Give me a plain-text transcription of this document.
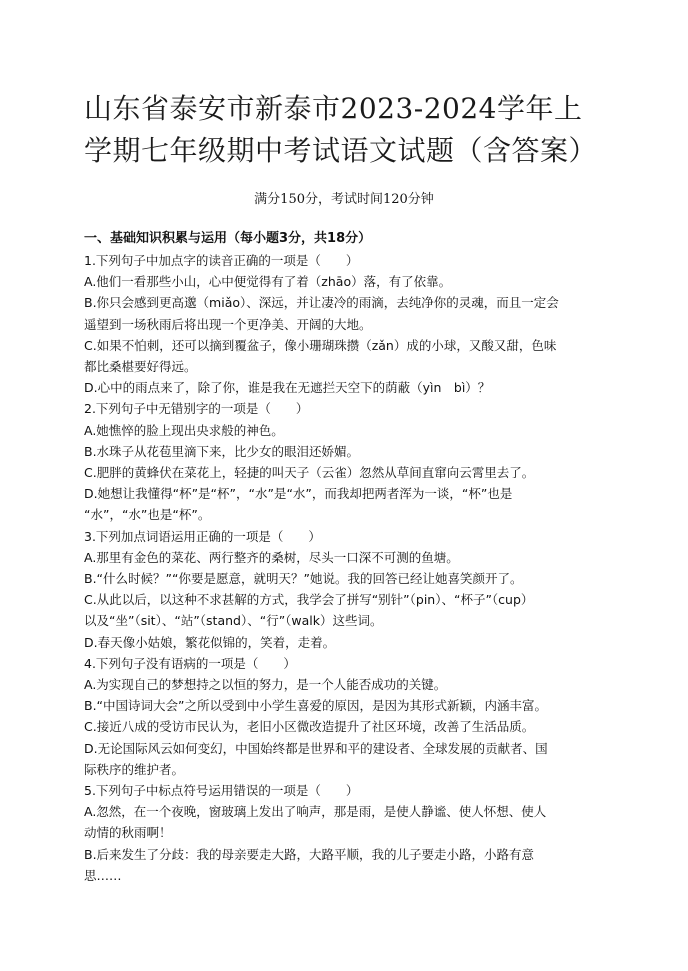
山东省泰安市新泰市2023-2024学年上
学期七年级期中考试语文试题（含答案）
满分150分，考试时间120分钟
一、基础知识积累与运用（每小题3分，共18分）
1.下列句子中加点字的读音正确的一项是（　　）
A.他们一看那些小山，心中便觉得有了着（zhāo）落，有了依靠。
B.你只会感到更高邈（miǎo）、深远，并让凄冷的雨滴，去纯净你的灵魂，而且一定会
遥望到一场秋雨后将出现一个更净美、开阔的大地。
C.如果不怕刺，还可以摘到覆盆子，像小珊瑚珠攒（zǎn）成的小球，又酸又甜，色味
都比桑椹要好得远。
D.心中的雨点来了，除了你，谁是我在无遮拦天空下的荫蔽（yìn　bì）？
2.下列句子中无错别字的一项是（　　）
A.她憔悴的脸上现出央求般的神色。
B.水珠子从花苞里滴下来，比少女的眼泪还娇媚。
C.肥胖的黄蜂伏在菜花上，轻捷的叫天子（云雀）忽然从草间直窜向云霄里去了。
D.她想让我懂得“杯”是“杯”，“水”是“水”，而我却把两者浑为一谈，“杯”也是
“水”，“水”也是“杯”。
3.下列加点词语运用正确的一项是（　　）
A.那里有金色的菜花、两行整齐的桑树，尽头一口深不可测的鱼塘。
B.“什么时候？”“你要是愿意，就明天？”她说。我的回答已经让她喜笑颜开了。
C.从此以后，以这种不求甚解的方式，我学会了拼写“别针”（pin）、“杯子”（cup）
以及“坐”（sit）、“站”（stand）、“行”（walk）这些词。
D.春天像小姑娘，繁花似锦的，笑着，走着。
4.下列句子没有语病的一项是（　　）
A.为实现自己的梦想持之以恒的努力，是一个人能否成功的关键。
B.“中国诗词大会”之所以受到中小学生喜爱的原因，是因为其形式新颖，内涵丰富。
C.接近八成的受访市民认为，老旧小区微改造提升了社区环境，改善了生活品质。
D.无论国际风云如何变幻，中国始终都是世界和平的建设者、全球发展的贡献者、国
际秩序的维护者。
5.下列句子中标点符号运用错误的一项是（　　）
A.忽然，在一个夜晚，窗玻璃上发出了响声，那是雨，是使人静谧、使人怀想、使人
动情的秋雨啊！
B.后来发生了分歧：我的母亲要走大路，大路平顺，我的儿子要走小路，小路有意
思……
